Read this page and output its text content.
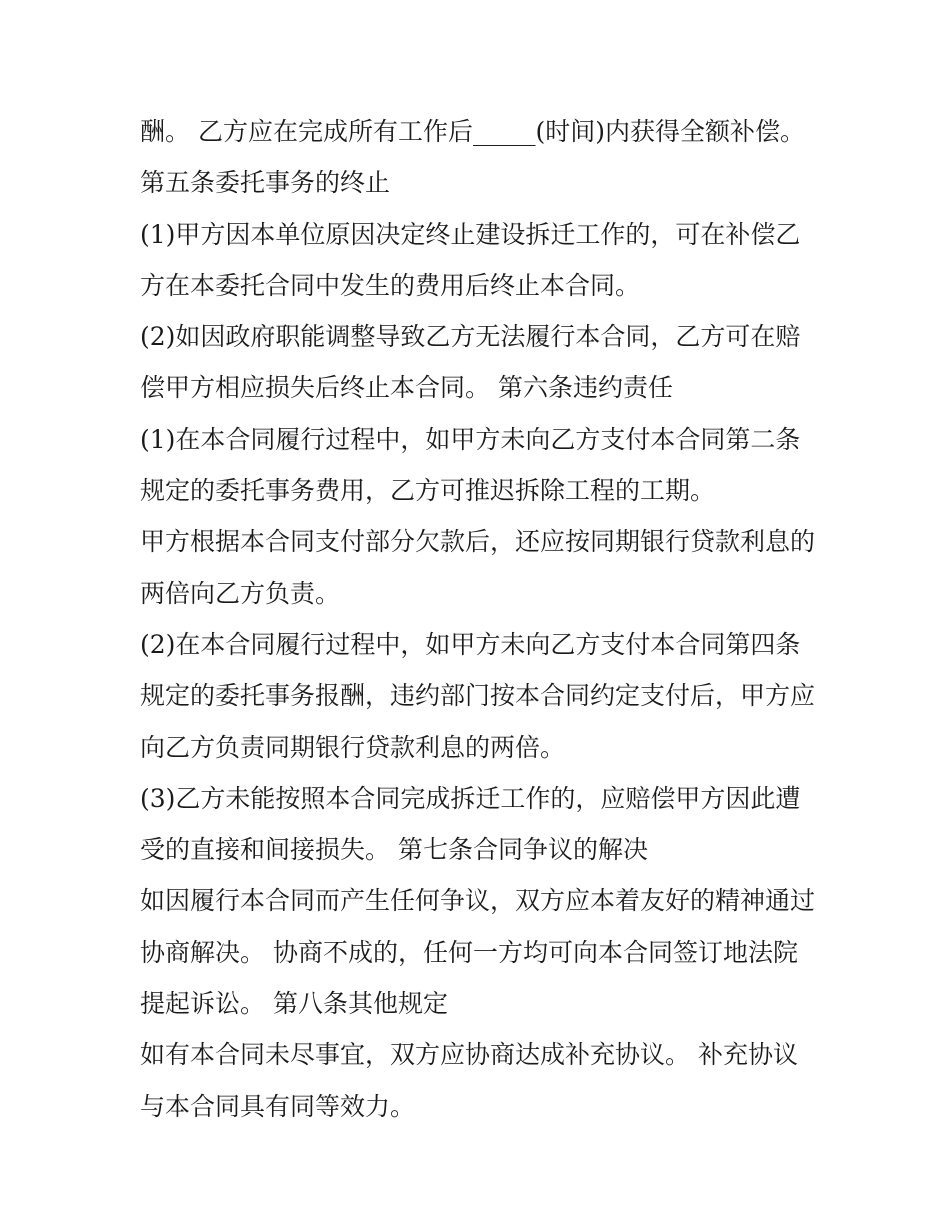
酬。 乙方应在完成所有工作后_____(时间)内获得全额补偿。
第五条委托事务的终止
(1)甲方因本单位原因决定终止建设拆迁工作的，可在补偿乙
方在本委托合同中发生的费用后终止本合同。
(2)如因政府职能调整导致乙方无法履行本合同，乙方可在赔
偿甲方相应损失后终止本合同。 第六条违约责任
(1)在本合同履行过程中，如甲方未向乙方支付本合同第二条
规定的委托事务费用，乙方可推迟拆除工程的工期。
甲方根据本合同支付部分欠款后，还应按同期银行贷款利息的
两倍向乙方负责。
(2)在本合同履行过程中，如甲方未向乙方支付本合同第四条
规定的委托事务报酬，违约部门按本合同约定支付后，甲方应
向乙方负责同期银行贷款利息的两倍。
(3)乙方未能按照本合同完成拆迁工作的，应赔偿甲方因此遭
受的直接和间接损失。 第七条合同争议的解决
如因履行本合同而产生任何争议，双方应本着友好的精神通过
协商解决。 协商不成的，任何一方均可向本合同签订地法院
提起诉讼。 第八条其他规定
如有本合同未尽事宜，双方应协商达成补充协议。 补充协议
与本合同具有同等效力。
